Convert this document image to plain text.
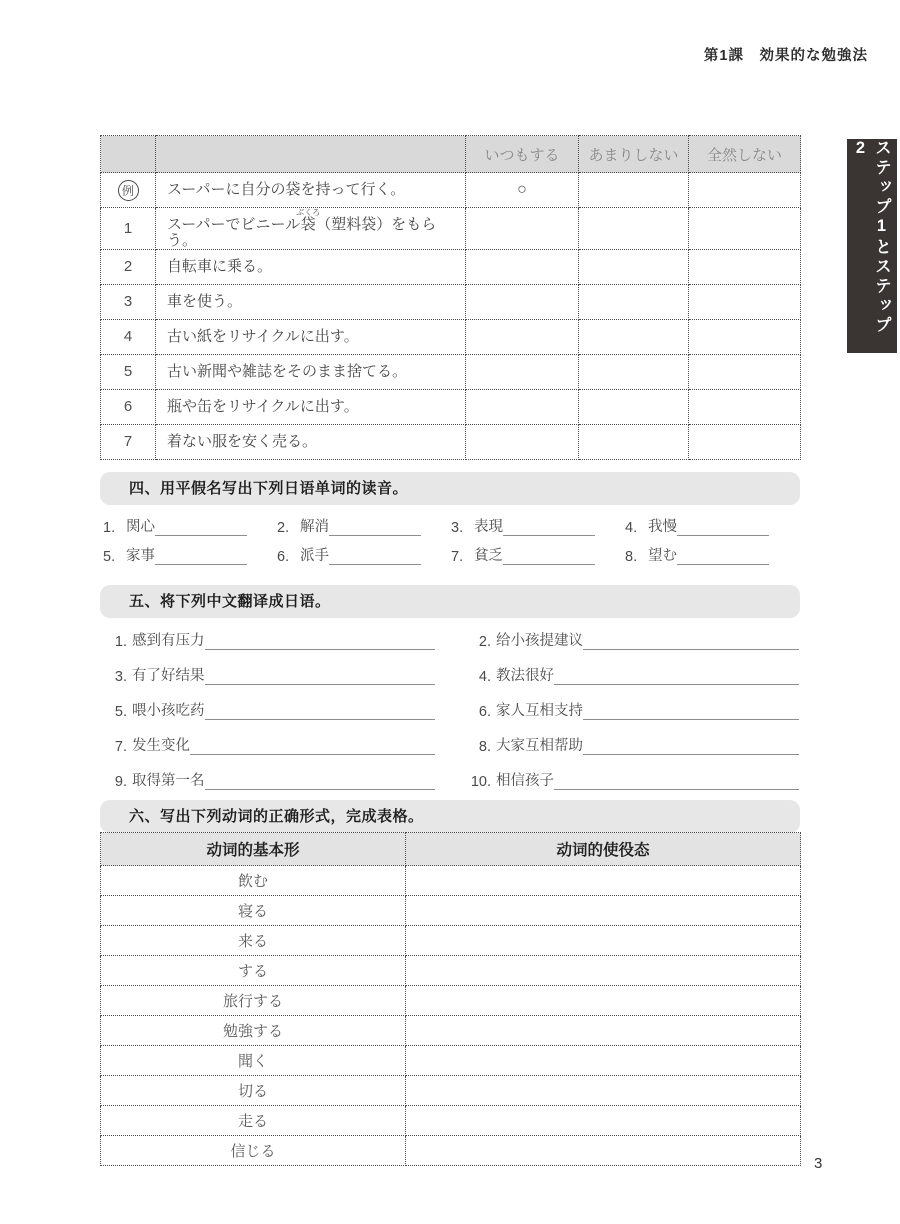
第1課　効果的な勉強法
ステップ1とステップ2
		いつもする	あまりしない	全然しない
例	スーパーに自分の袋を持って行く。	○		
1	スーパーでビニール袋ぶくろ（塑料袋）をもらう。			
2	自転車に乗る。			
3	車を使う。			
4	古い紙をリサイクルに出す。			
5	古い新聞や雑誌をそのまま捨てる。			
6	瓶や缶をリサイクルに出す。			
7	着ない服を安く売る。			
四、用平假名写出下列日语单词的读音。
1. 関心	2. 解消	3. 表現	4. 我慢
5. 家事	6. 派手	7. 貧乏	8. 望む
五、将下列中文翻译成日语。
1. 感到有压力	2. 给小孩提建议
3. 有了好结果	4. 教法很好
5. 喂小孩吃药	6. 家人互相支持
7. 发生变化	8. 大家互相帮助
9. 取得第一名	10. 相信孩子
六、写出下列动词的正确形式，完成表格。
动词的基本形	动词的使役态
飲む	
寝る	
来る	
する	
旅行する	
勉強する	
聞く	
切る	
走る	
信じる	
3
